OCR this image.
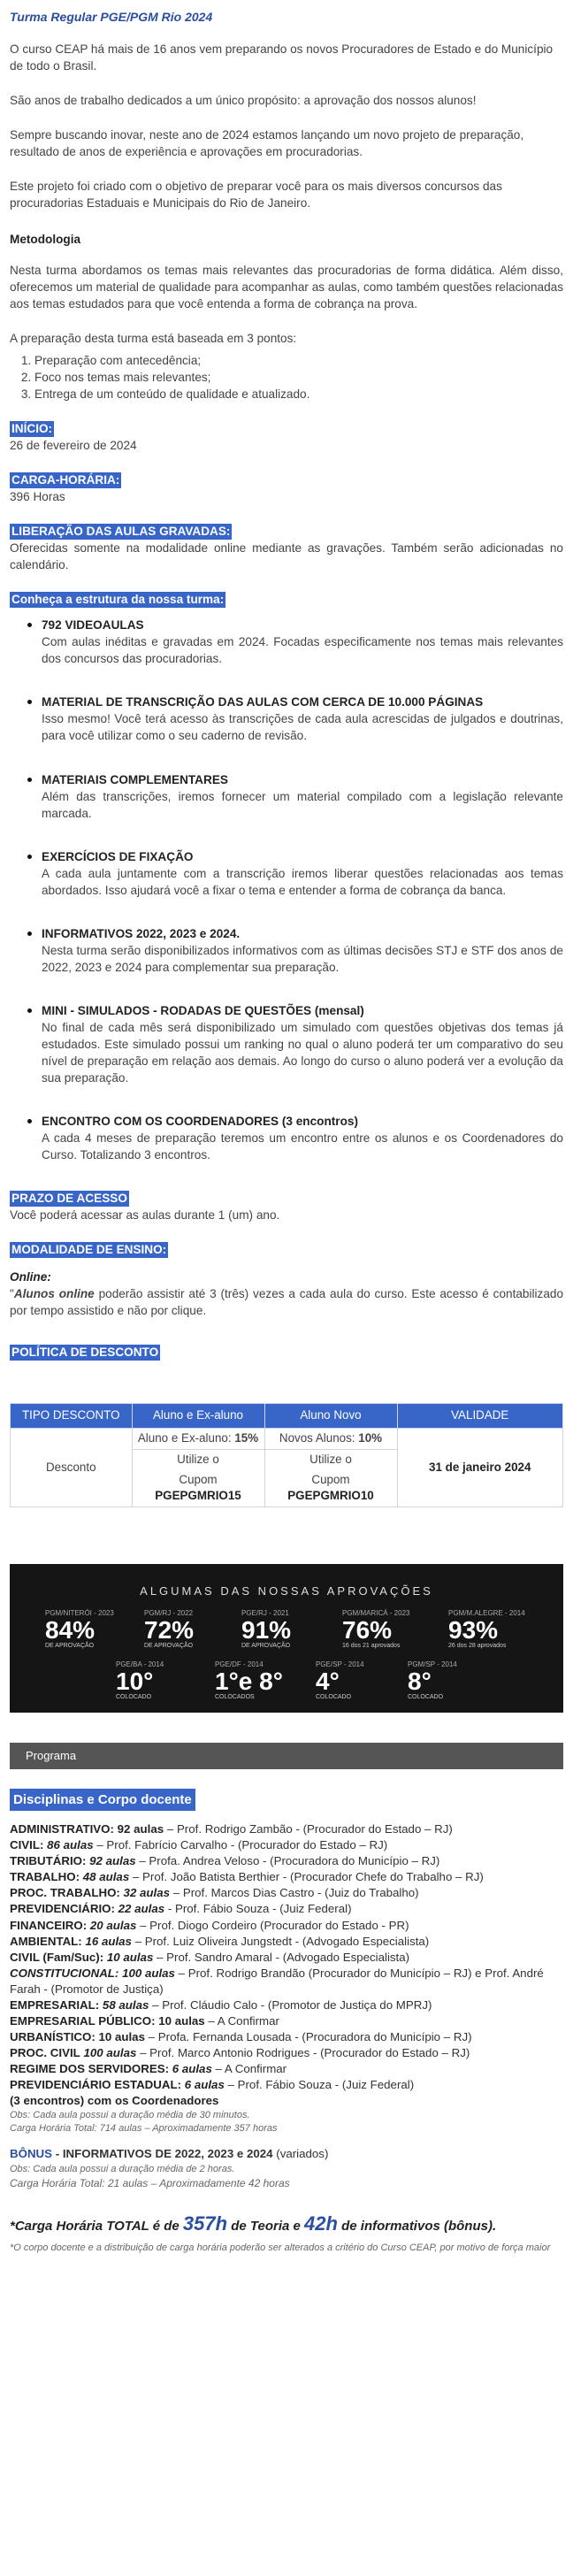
Turma Regular PGE/PGM Rio 2024

O curso CEAP há mais de 16 anos vem preparando os novos Procuradores de Estado e do Município de todo o Brasil.

São anos de trabalho dedicados a um único propósito: a aprovação dos nossos alunos!

Sempre buscando inovar, neste ano de 2024 estamos lançando um novo projeto de preparação, resultado de anos de experiência e aprovações em procuradorias.

Este projeto foi criado com o objetivo de preparar você para os mais diversos concursos das procuradorias Estaduais e Municipais do Rio de Janeiro.

Metodologia

Nesta turma abordamos os temas mais relevantes das procuradorias de forma didática. Além disso, oferecemos um material de qualidade para acompanhar as aulas, como também questões relacionadas aos temas estudados para que você entenda a forma de cobrança na prova.

A preparação desta turma está baseada em 3 pontos:
1. Preparação com antecedência;
2. Foco nos temas mais relevantes;
3. Entrega de um conteúdo de qualidade e atualizado.
INÍCIO:
26 de fevereiro de 2024
CARGA-HORÁRIA:
396 Horas
LIBERAÇÃO DAS AULAS GRAVADAS:
Oferecidas somente na modalidade online mediante as gravações. Também serão adicionadas no calendário.
Conheça a estrutura da nossa turma:
792 VIDEOAULAS
Com aulas inéditas e gravadas em 2024. Focadas especificamente nos temas mais relevantes dos concursos das procuradorias.
MATERIAL DE TRANSCRIÇÃO DAS AULAS COM CERCA DE 10.000 PÁGINAS
Isso mesmo! Você terá acesso às transcrições de cada aula acrescidas de julgados e doutrinas, para você utilizar como o seu caderno de revisão.
MATERIAIS COMPLEMENTARES
Além das transcrições, iremos fornecer um material compilado com a legislação relevante marcada.
EXERCÍCIOS DE FIXAÇÃO
A cada aula juntamente com a transcrição iremos liberar questões relacionadas aos temas abordados. Isso ajudará você a fixar o tema e entender a forma de cobrança da banca.
INFORMATIVOS 2022, 2023 e 2024.
Nesta turma serão disponibilizados informativos com as últimas decisões STJ e STF dos anos de 2022, 2023 e 2024 para complementar sua preparação.
MINI - SIMULADOS - RODADAS DE QUESTÕES (mensal)
No final de cada mês será disponibilizado um simulado com questões objetivas dos temas já estudados. Este simulado possui um ranking no qual o aluno poderá ter um comparativo do seu nível de preparação em relação aos demais. Ao longo do curso o aluno poderá ver a evolução da sua preparação.
ENCONTRO COM OS COORDENADORES (3 encontros)
A cada 4 meses de preparação teremos um encontro entre os alunos e os Coordenadores do Curso. Totalizando 3 encontros.
PRAZO DE ACESSO
Você poderá acessar as aulas durante 1 (um) ano.
MODALIDADE DE ENSINO:
Online:
"Alunos online poderão assistir até 3 (três) vezes a cada aula do curso. Este acesso é contabilizado por tempo assistido e não por clique.
POLÍTICA DE DESCONTO
TIPO DESCONTO	Aluno e Ex-aluno	Aluno Novo	VALIDADE
Desconto	Aluno e Ex-aluno: 15%	Novos Alunos: 10%	31 de janeiro 2024
	Utilize o	Utilize o	
	Cupom PGEPGMRIO15	Cupom PGEPGMRIO10	
ALGUMAS DAS NOSSAS APROVAÇÕES
PGM/NITERÓI - 2023
84%
DE APROVAÇÃO
PGM/RJ - 2022
72%
DE APROVAÇÃO
PGE/RJ - 2021
91%
DE APROVAÇÃO
PGM/MARICÁ - 2023
76%
16 dos 21 aprovados
PGM/M.ALEGRE - 2014
93%
26 dos 28 aprovados
PGE/BA - 2014
10°
COLOCADO
PGE/DF - 2014
1°e 8°
COLOCADOS
PGE/SP - 2014
4°
COLOCADO
PGM/SP - 2014
8°
COLOCADO
Programa
Disciplinas e Corpo docente
ADMINISTRATIVO: 92 aulas – Prof. Rodrigo Zambão - (Procurador do Estado – RJ)
CIVIL: 86 aulas – Prof. Fabrício Carvalho - (Procurador do Estado – RJ)
TRIBUTÁRIO: 92 aulas – Profa. Andrea Veloso - (Procuradora do Município – RJ)
TRABALHO: 48 aulas – Prof. João Batista Berthier - (Procurador Chefe do Trabalho – RJ)
PROC. TRABALHO: 32 aulas – Prof. Marcos Dias Castro - (Juiz do Trabalho)
PREVIDENCIÁRIO: 22 aulas - Prof. Fábio Souza - (Juiz Federal)
FINANCEIRO: 20 aulas – Prof. Diogo Cordeiro (Procurador do Estado - PR)
AMBIENTAL: 16 aulas – Prof. Luiz Oliveira Jungstedt - (Advogado Especialista)
CIVIL (Fam/Suc): 10 aulas – Prof. Sandro Amaral - (Advogado Especialista)
CONSTITUCIONAL: 100 aulas – Prof. Rodrigo Brandão (Procurador do Município – RJ) e Prof. André Farah - (Promotor de Justiça)
EMPRESARIAL: 58 aulas – Prof. Cláudio Calo - (Promotor de Justiça do MPRJ)
EMPRESARIAL PÚBLICO: 10 aulas – A Confirmar
URBANÍSTICO: 10 aulas – Profa. Fernanda Lousada - (Procuradora do Município – RJ)
PROC. CIVIL 100 aulas – Prof. Marco Antonio Rodrigues - (Procurador do Estado – RJ)
REGIME DOS SERVIDORES: 6 aulas – A Confirmar
PREVIDENCIÁRIO ESTADUAL: 6 aulas – Prof. Fábio Souza - (Juiz Federal)
(3 encontros) com os Coordenadores
Obs: Cada aula possui a duração média de 30 minutos.
Carga Horária Total: 714 aulas – Aproximadamente 357 horas
BÔNUS - INFORMATIVOS DE 2022, 2023 e 2024 (variados)
Obs: Cada aula possui a duração média de 2 horas.
Carga Horária Total: 21 aulas – Aproximadamente 42 horas
*Carga Horária TOTAL é de 357h de Teoria e 42h de informativos (bônus).
*O corpo docente e a distribuição de carga horária poderão ser alterados a critério do Curso CEAP, por motivo de força maior
